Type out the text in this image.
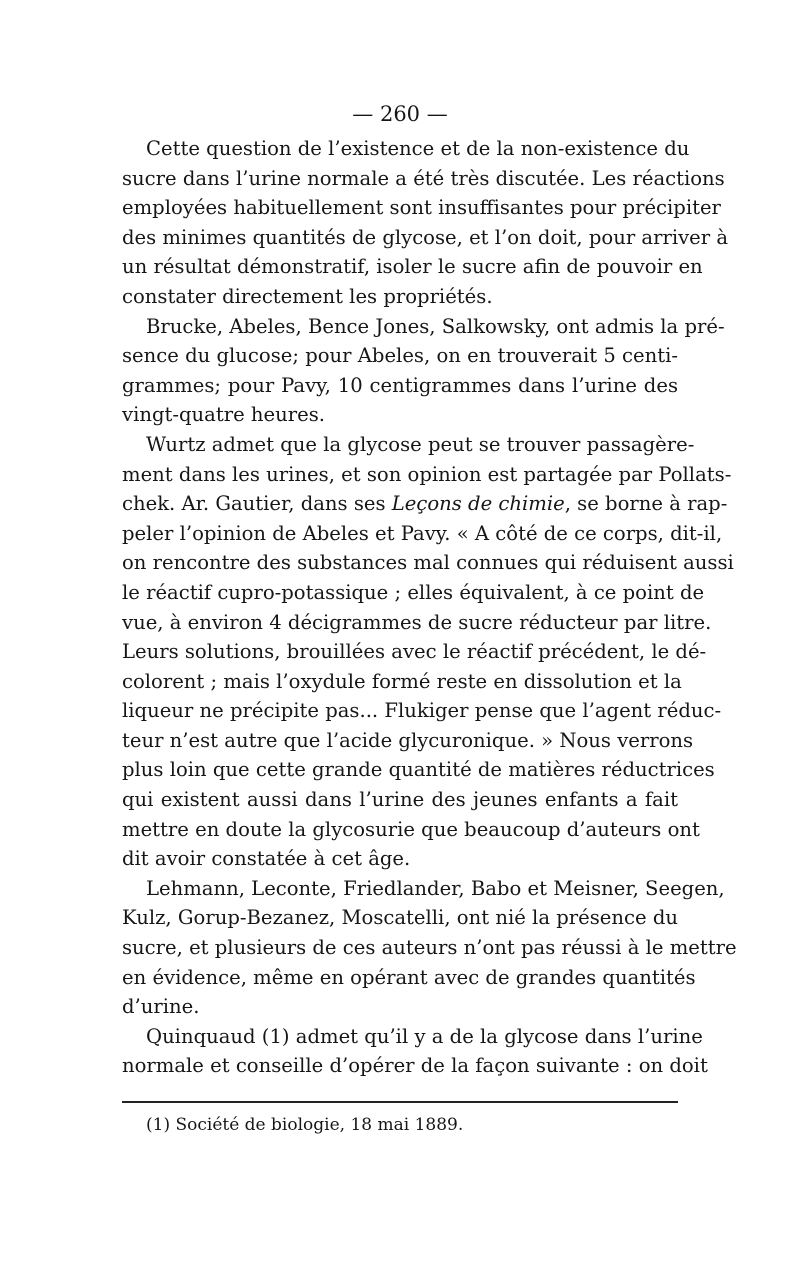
— 260 —

Cette question de l’existence et de la non-existence du
sucre dans l’urine normale a été très discutée. Les réactions
employées habituellement sont insuffisantes pour précipiter
des minimes quantités de glycose, et l’on doit, pour arriver à
un résultat démonstratif, isoler le sucre afin de pouvoir en
constater directement les propriétés.

Brucke, Abeles, Bence Jones, Salkowsky, ont admis la pré-
sence du glucose; pour Abeles, on en trouverait 5 centi-
grammes; pour Pavy, 10 centigrammes dans l’urine des
vingt-quatre heures.

Wurtz admet que la glycose peut se trouver passagère-
ment dans les urines, et son opinion est partagée par Pollats-
chek. Ar. Gautier, dans ses Leçons de chimie, se borne à rap-
peler l’opinion de Abeles et Pavy. « A côté de ce corps, dit-il,
on rencontre des substances mal connues qui réduisent aussi
le réactif cupro-potassique ; elles équivalent, à ce point de
vue, à environ 4 décigrammes de sucre réducteur par litre.
Leurs solutions, brouillées avec le réactif précédent, le dé-
colorent ; mais l’oxydule formé reste en dissolution et la
liqueur ne précipite pas... Flukiger pense que l’agent réduc-
teur n’est autre que l’acide glycuronique. » Nous verrons
plus loin que cette grande quantité de matières réductrices
qui existent aussi dans l’urine des jeunes enfants a fait
mettre en doute la glycosurie que beaucoup d’auteurs ont
dit avoir constatée à cet âge.

Lehmann, Leconte, Friedlander, Babo et Meisner, Seegen,
Kulz, Gorup-Bezanez, Moscatelli, ont nié la présence du
sucre, et plusieurs de ces auteurs n’ont pas réussi à le mettre
en évidence, même en opérant avec de grandes quantités
d’urine.

Quinquaud (1) admet qu’il y a de la glycose dans l’urine
normale et conseille d’opérer de la façon suivante : on doit

(1) Société de biologie, 18 mai 1889.
